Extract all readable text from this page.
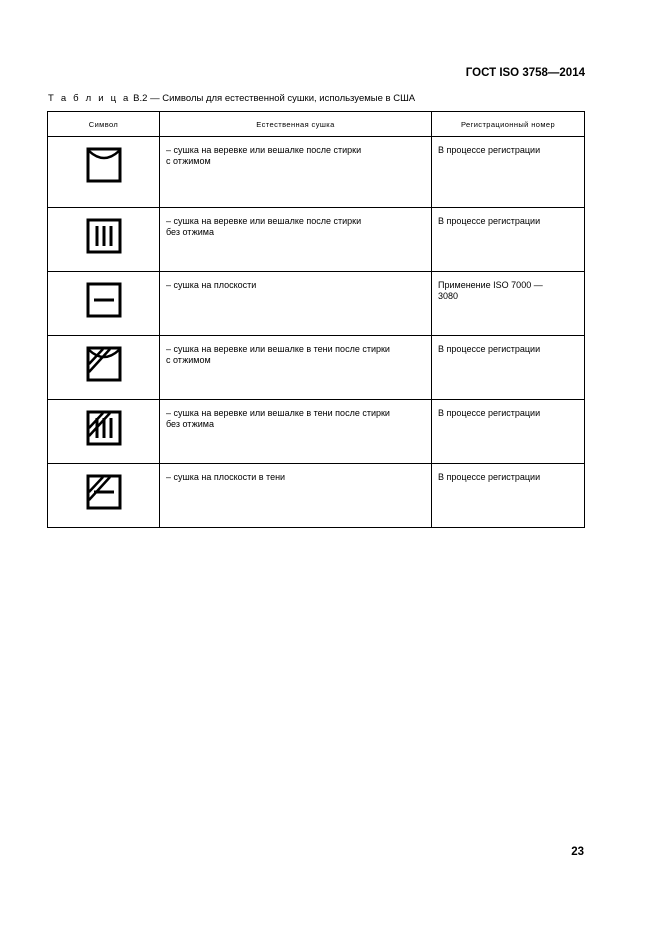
ГОСТ ISO 3758—2014
Т а б л и ц а В.2 — Символы для естественной сушки, используемые в США
Символ	Естественная сушка	Регистрационный номер

– сушка на веревке или вешалке после стирки
с отжимом	В процессе регистрации

– сушка на веревке или вешалке после стирки
без отжима	В процессе регистрации

– сушка на плоскости	Применение ISO 7000 —
3080

– сушка на веревке или вешалке в тени после стирки
с отжимом	В процессе регистрации

– сушка на веревке или вешалке в тени после стирки
без отжима	В процессе регистрации

– сушка на плоскости в тени	В процессе регистрации
23
